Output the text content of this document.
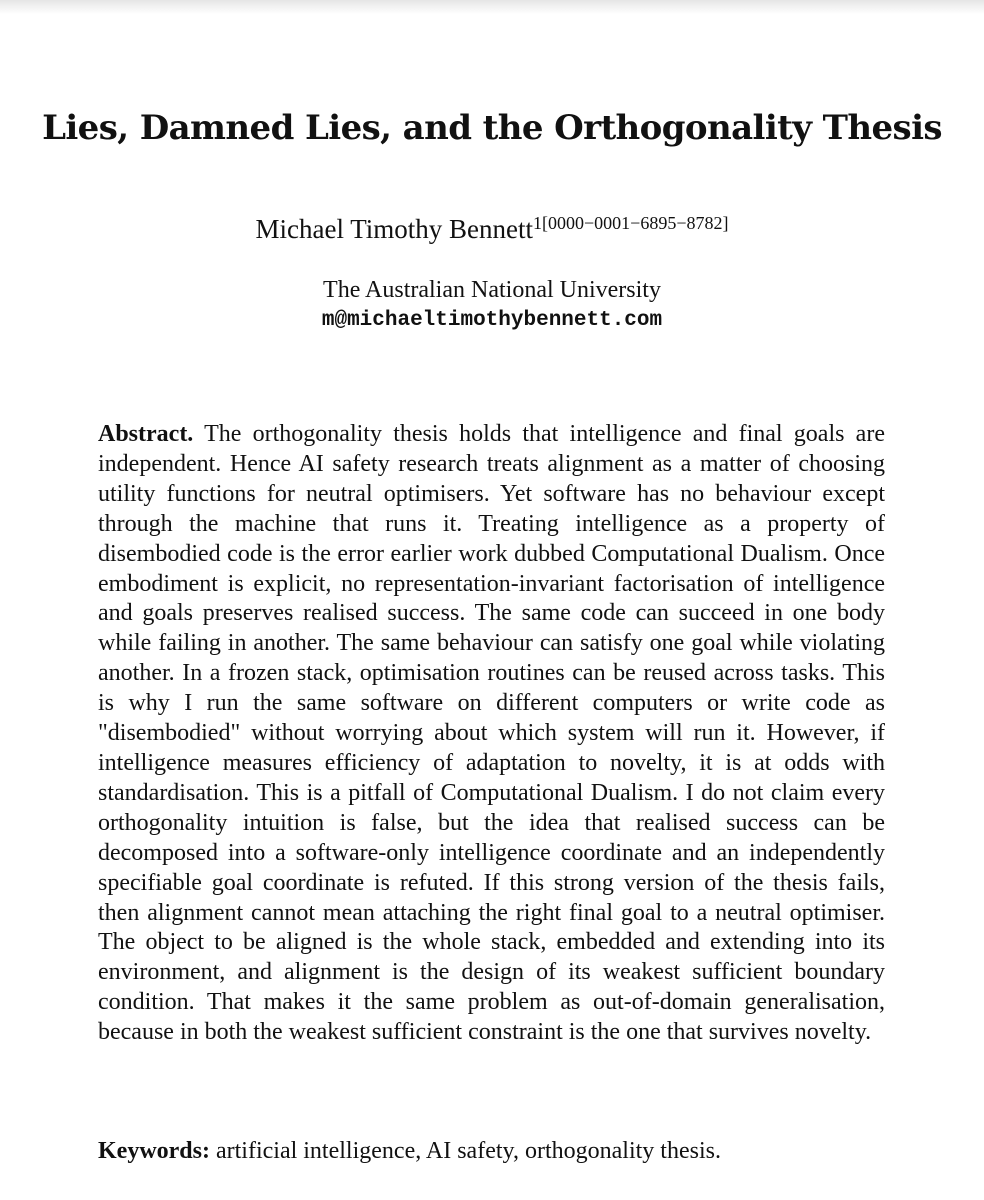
Lies, Damned Lies, and the Orthogonality Thesis
Michael Timothy Bennett$^{1[0000-0001-6895-8782]}$
The Australian National University
m@michaeltimothybennett.com

Abstract. The orthogonality thesis holds that intelligence and final goals are independent. Hence AI safety research treats alignment as a matter of choosing utility functions for neutral optimisers. Yet software has no behaviour except through the machine that runs it. Treating intelligence as a property of disembodied code is the error earlier work dubbed Computational Dualism. Once embodiment is explicit, no representation-invariant factorisation of intelligence and goals preserves realised success. The same code can succeed in one body while failing in another. The same behaviour can satisfy one goal while violating another. In a frozen stack, optimisation routines can be reused across tasks. This is why I run the same software on different computers or write code as "disembodied" without worrying about which system will run it. However, if intelligence measures efficiency of adaptation to novelty, it is at odds with standardisation. This is a pitfall of Computational Dualism. I do not claim every orthogonality intuition is false, but the idea that realised success can be decomposed into a software-only intelligence coordinate and an independently specifiable goal coordinate is refuted. If this strong version of the thesis fails, then alignment cannot mean attaching the right final goal to a neutral optimiser. The object to be aligned is the whole stack, embedded and extending into its environment, and alignment is the design of its weakest sufficient boundary condition. That makes it the same problem as out-of-domain generalisation, because in both the weakest sufficient constraint is the one that survives novelty.

Keywords: artificial intelligence, AI safety, orthogonality thesis.
